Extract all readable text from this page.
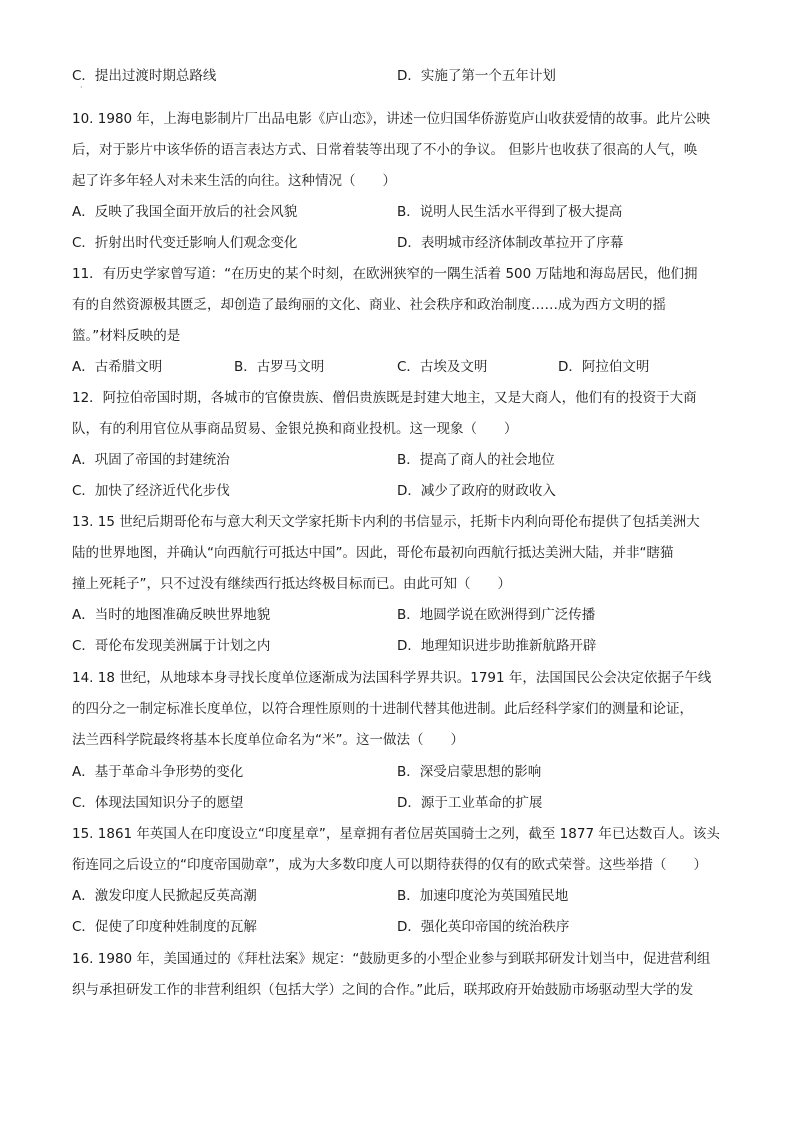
C．提出过渡时期总路线	D．实施了第一个五年计划
·
10. 1980 年，上海电影制片厂出品电影《庐山恋》，讲述一位归国华侨游览庐山收获爱情的故事。此片公映
后，对于影片中该华侨的语言表达方式、日常着装等出现了不小的争议。 但影片也收获了很高的人气，唤
起了许多年轻人对未来生活的向往。这种情况（　　）
A．反映了我国全面开放后的社会风貌	B．说明人民生活水平得到了极大提高
C．折射出时代变迁影响人们观念变化	D．表明城市经济体制改革拉开了序幕
11．有历史学家曾写道：“在历史的某个时刻，在欧洲狭窄的一隅生活着 500 万陆地和海岛居民，他们拥
有的自然资源极其匮乏，却创造了最绚丽的文化、商业、社会秩序和政治制度……成为西方文明的摇
篮。”材料反映的是
A．古希腊文明	B．古罗马文明	C．古埃及文明	D．阿拉伯文明
12．阿拉伯帝国时期，各城市的官僚贵族、僧侣贵族既是封建大地主，又是大商人，他们有的投资于大商
队，有的利用官位从事商品贸易、金银兑换和商业投机。这一现象（　　）
A．巩固了帝国的封建统治	B．提高了商人的社会地位
C．加快了经济近代化步伐	D．减少了政府的财政收入
13. 15 世纪后期哥伦布与意大利天文学家托斯卡内利的书信显示，托斯卡内利向哥伦布提供了包括美洲大
陆的世界地图，并确认“向西航行可抵达中国”。因此，哥伦布最初向西航行抵达美洲大陆，并非“瞎猫
撞上死耗子”，只不过没有继续西行抵达终极目标而已。由此可知（　　）
A．当时的地图准确反映世界地貌	B．地圆学说在欧洲得到广泛传播
C．哥伦布发现美洲属于计划之内	D．地理知识进步助推新航路开辟
14. 18 世纪，从地球本身寻找长度单位逐渐成为法国科学界共识。1791 年，法国国民公会决定依据子午线
的四分之一制定标准长度单位，以符合理性原则的十进制代替其他进制。此后经科学家们的测量和论证，
法兰西科学院最终将基本长度单位命名为“米”。这一做法（　　）
A．基于革命斗争形势的变化	B．深受启蒙思想的影响
C．体现法国知识分子的愿望	D．源于工业革命的扩展
15. 1861 年英国人在印度设立“印度星章”，星章拥有者位居英国骑士之列，截至 1877 年已达数百人。该头
衔连同之后设立的“印度帝国勋章”，成为大多数印度人可以期待获得的仅有的欧式荣誉。这些举措（　　）
A．激发印度人民掀起反英高潮	B．加速印度沦为英国殖民地
C．促使了印度种姓制度的瓦解	D．强化英印帝国的统治秩序
16. 1980 年，美国通过的《拜杜法案》规定：“鼓励更多的小型企业参与到联邦研发计划当中，促进营利组
织与承担研发工作的非营利组织（包括大学）之间的合作。”此后，联邦政府开始鼓励市场驱动型大学的发
